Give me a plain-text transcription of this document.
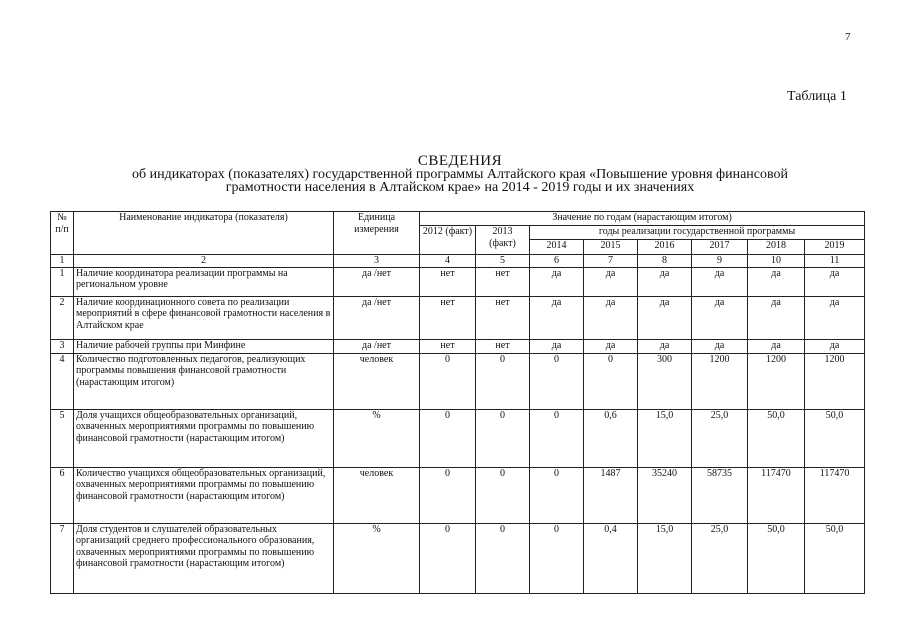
7
Таблица 1
СВЕДЕНИЯ
об индикаторах (показателях) государственной программы Алтайского края «Повышение уровня финансовой
грамотности населения в Алтайском крае» на 2014 - 2019 годы и их значениях
№ п/п	Наименование индикатора (показателя)	Единица измерения	Значение по годам (нарастающим итогом)							
			2012 (факт)	2013 (факт)	годы реализации государственной программы					
					2014	2015	2016	2017	2018	2019
1	2	3	4	5	6	7	8	9	10	11
1	Наличие координатора реализации программы на региональном уровне	да /нет	нет	нет	да	да	да	да	да	да
2	Наличие координационного совета по реализации мероприятий в сфере финансовой грамотности населения в Алтайском крае	да /нет	нет	нет	да	да	да	да	да	да
3	Наличие рабочей группы при Минфине	да /нет	нет	нет	да	да	да	да	да	да
4	Количество подготовленных педагогов, реализующих программы повышения финансовой грамотности (нарастающим итогом)	человек	0	0	0	0	300	1200	1200	1200
5	Доля учащихся общеобразовательных организаций, охваченных мероприятиями программы по повышению финансовой грамотности (нарастающим итогом)	%	0	0	0	0,6	15,0	25,0	50,0	50,0
6	Количество учащихся общеобразовательных организаций, охваченных мероприятиями программы по повышению финансовой грамотности (нарастающим итогом)	человек	0	0	0	1487	35240	58735	117470	117470
7	Доля студентов и слушателей образовательных организаций среднего профессионального образования, охваченных мероприятиями программы по повышению финансовой грамотности (нарастающим итогом)	%	0	0	0	0,4	15,0	25,0	50,0	50,0
